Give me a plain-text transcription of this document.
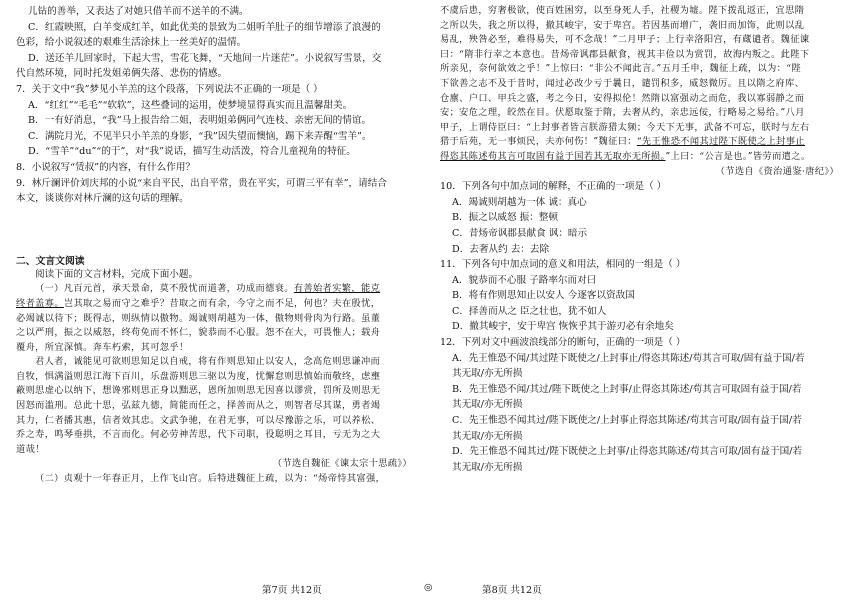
儿钻的善举，又表达了对她只借羊而不送羊的不满。

C．红霞映照，白羊变成红羊，如此优美的景致为二姐听羊肚子的细节增添了浪漫的

色彩，给小说叙述的艰难生活涂抹上一丝美好的温情。

D．送还羊儿回家时，下起大雪，雪花飞舞，“天地间一片迷茫”。小说叙写雪景，交

代自然环境，同时托发姐弟俩失落、悲伤的情感。

7．关于文中“我”梦见小羊羔的这个段落，下列说法不正确的一项是（ ）

A．“红红”“毛毛”“软软”，这些叠词的运用，使梦境显得真实而且温馨甜美。

B．一有好消息，“我”马上报告给二姐，表明姐弟俩同气连枝、亲密无间的情谊。

C．满院月光，不见半只小羊羔的身影，“我”因失望而懊恼，踢下来弄醒“雪羊”。

D．“雪羊”“du”“的于”，对“我”说话，描写生动活泼，符合儿童视角的特征。

8．小说叙写“赁叔”的内容，有什么作用？

9．林斤澜评价刘庆邦的小说“来自平民，出自平常，贵在平实，可谓三平有幸”，请结合

本文，谈谈你对林斤澜的这句话的理解。

二、文言文阅读

阅读下面的文言材料，完成下面小题。

（一）凡百元首，承天景命，莫不殷忧而道著，功成而德衰。有善始者实繁，能克

终者盖寡。岂其取之易而守之难乎？昔取之而有余，今守之而不足，何也？夫在殷忧，

必竭诚以待下；既得志，则纵情以傲物。竭诚则胡越为一体，傲物则骨肉为行路。虽董

之以严刑，振之以威怒，终苟免而不怀仁，貌恭而不心服。怨不在大，可畏惟人；载舟

覆舟，所宜深慎。奔车朽索，其可忽乎！

君人者，诚能见可欲则思知足以自戒，将有作则思知止以安人，念高危则思谦冲而

自牧，惧满溢则思江海下百川，乐盘游则思三驱以为度，忧懈怠则思慎始而敬终，虑壅

蔽则思虚心以纳下，想谗邪则思正身以黜恶，恩所加则思无因喜以谬赏，罚所及则思无

因怒而滥刑。总此十思，弘兹九德，简能而任之，择善而从之，则智者尽其谋，勇者竭

其力，仁者播其惠，信者效其忠。文武争驰，在君无事，可以尽豫游之乐，可以养松、

乔之寿，鸣琴垂拱，不言而化。何必劳神苦思，代下司职，役聪明之耳目，亏无为之大

道哉！

（节选自魏征《谏太宗十思疏》）

（二）贞观十一年春正月，上作飞山宫。后特进魏征上疏，以为：“炀帝恃其富强，

不虞后患，穷奢极欲，使百姓困穷，以至身死人手，社稷为墟。陛下拨乱返正，宜思隋

之所以失，我之所以得，撤其峻宇，安于卑宫。若因基而增广，袭旧而加饰，此则以乱

易乱，殃咎必至，难得易失，可不念哉！”二月甲子；上行幸洛阳宫，有蔵谴者。魏征谏

曰：“隋非行幸之本意也。昔炀帝讽郡县献食，视其丰俭以为赏罚，故海内叛之。此陛下

所亲见，奈何欲效之乎！”上惊曰：“非公不闻此言。”五月壬申，魏征上疏，以为：“陛

下欲善之志不及于昔时，闻过必改少亏于曩日，谴罚积多，威怒微厉。且以隋之府库、

仓廪、户口、甲兵之盛，考之今日，安得拟伦！然隋以富强动之而危，我以寡弱静之而

安；安危之理，皎然在目。伏愿取鉴于隋，去奢从约，亲忠远佞，行略易之易给。”八月

甲子，上谓侍臣曰：“上封事者皆言朕游猎太频；今天下无事，武备不可忘，朕时与左右

猎于后苑，无一事烦民，夫亦何伤！”魏征曰：“先王惟恐不闻其过陛下既使之上封事止

得恣其陈述苟其言可取固有益于国若其无取亦无所损。”上曰：“公言是也。”皆劳而遣之。

（节选自《资治通鉴·唐纪》）

10．下列各句中加点词的解释，不正确的一项是（ ）

A．竭诚则胡越为一体 诚：真心

B．振之以威怒 振：整顿

C．昔炀帝讽郡县献食 讽：暗示

D．去奢从约 去：去除

11．下列各句中加点词的意义和用法，相同的一组是（ ）

A．貌恭而不心服 子路率尔而对曰

B．将有作则思知止以安人 今逐客以资敌国

C．择善而从之 臣之壮也，犹不如人

D．撤其峻宇，安于卑宫 恢恢乎其于游刃必有余地矣

12．下列对文中画波浪线部分的断句，正确的一项是（ ）

A．先王惟恐不闻/其过陛下既使之/上封事止/得恣其陈述/苟其言可取/固有益于国/若

其无取/亦无所损

B．先王惟恐不闻/其过/陛下既使之上封事/止得恣其陈述/苟其言可取固有益于国/若

其无取/亦无所损

C．先王惟恐不闻其过/陛下既使之/上封事止得恣其陈述/苟其言可取/固有益于国/若

其无取/亦无所损

D．先王惟恐不闻其过/陛下既使之上封事/止得恣其陈述/苟其言可取/固有益于国/若

其无取/亦无所损

第7页 共12页	◎	第8页 共12页
